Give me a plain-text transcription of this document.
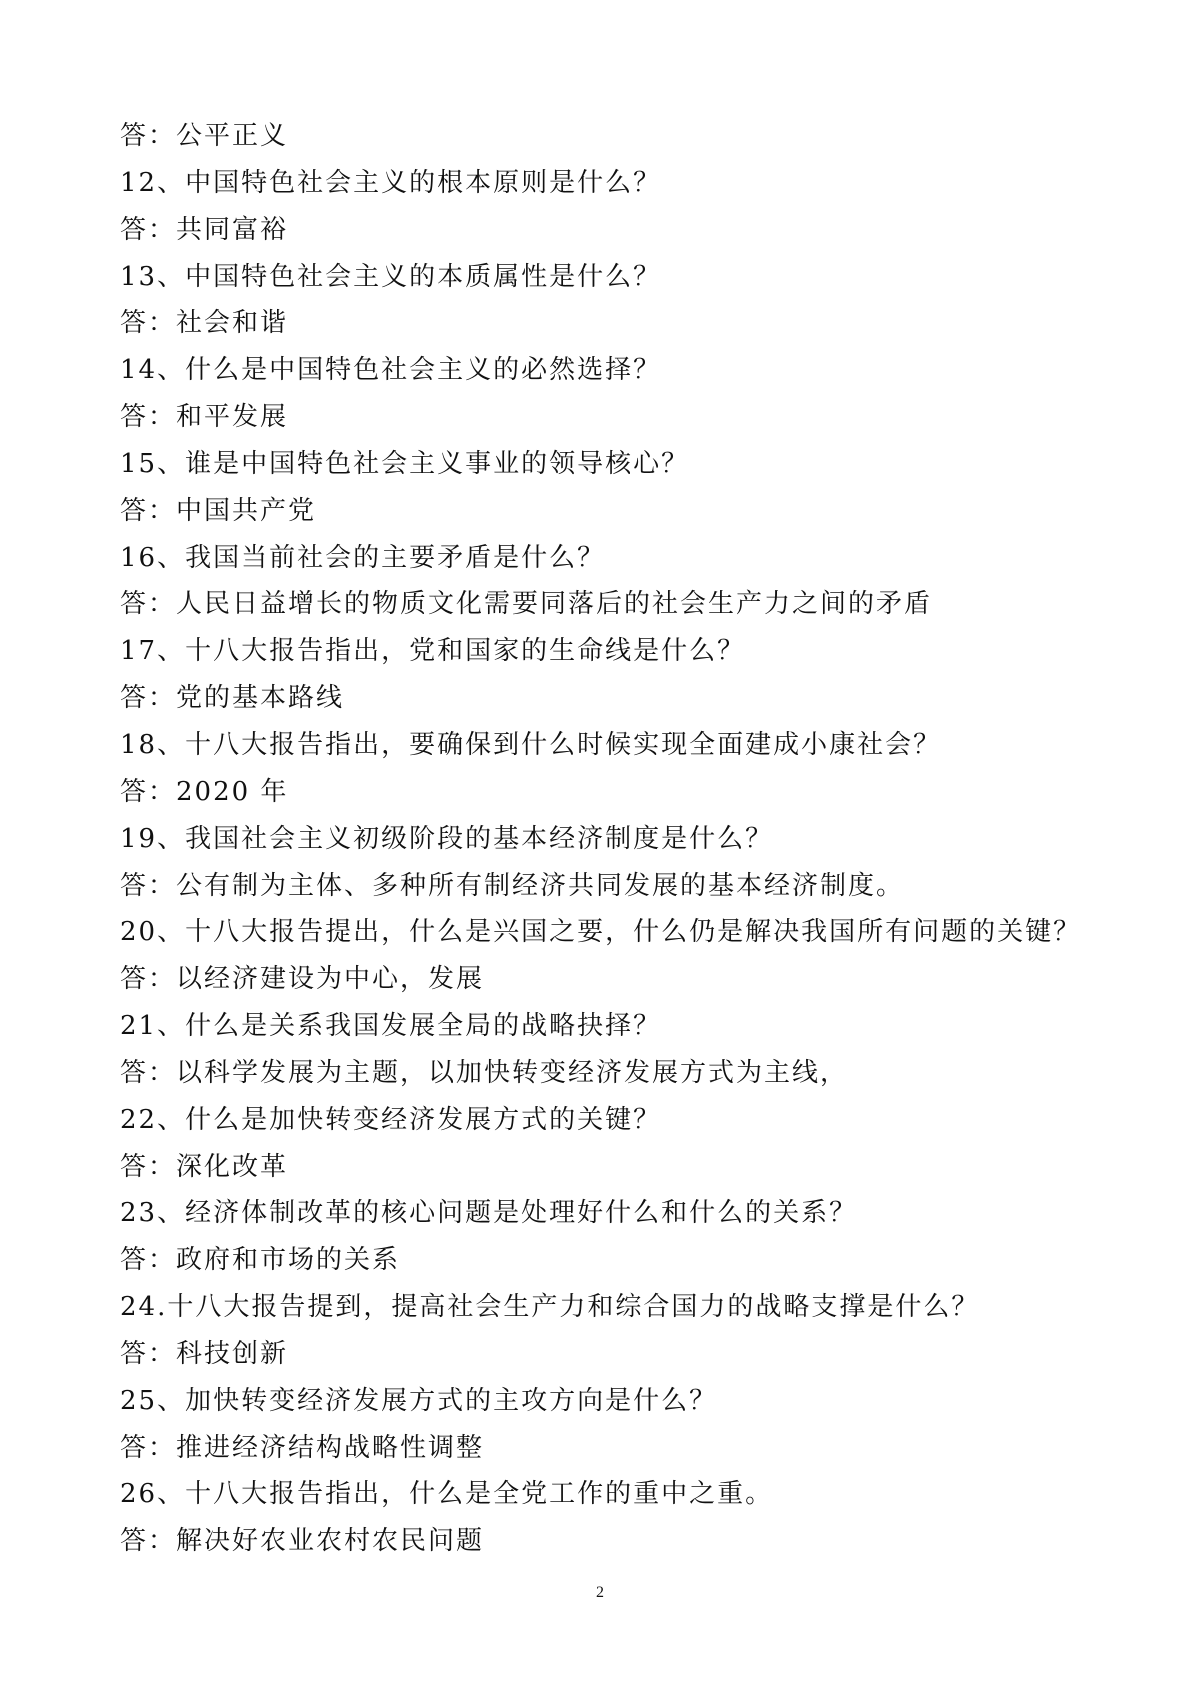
答：公平正义
12、中国特色社会主义的根本原则是什么？
答：共同富裕
13、中国特色社会主义的本质属性是什么？
答：社会和谐
14、什么是中国特色社会主义的必然选择？
答：和平发展
15、谁是中国特色社会主义事业的领导核心？
答：中国共产党
16、我国当前社会的主要矛盾是什么？
答：人民日益增长的物质文化需要同落后的社会生产力之间的矛盾
17、十八大报告指出，党和国家的生命线是什么？
答：党的基本路线
18、十八大报告指出，要确保到什么时候实现全面建成小康社会？
答：2020 年
19、我国社会主义初级阶段的基本经济制度是什么？
答：公有制为主体、多种所有制经济共同发展的基本经济制度。
20、十八大报告提出，什么是兴国之要，什么仍是解决我国所有问题的关键？
答：以经济建设为中心，发展
21、什么是关系我国发展全局的战略抉择？
答：以科学发展为主题，以加快转变经济发展方式为主线，
22、什么是加快转变经济发展方式的关键？
答：深化改革
23、经济体制改革的核心问题是处理好什么和什么的关系？
答：政府和市场的关系
24.十八大报告提到，提高社会生产力和综合国力的战略支撑是什么？
答：科技创新
25、加快转变经济发展方式的主攻方向是什么？
答：推进经济结构战略性调整
26、十八大报告指出，什么是全党工作的重中之重。
答：解决好农业农村农民问题
2
